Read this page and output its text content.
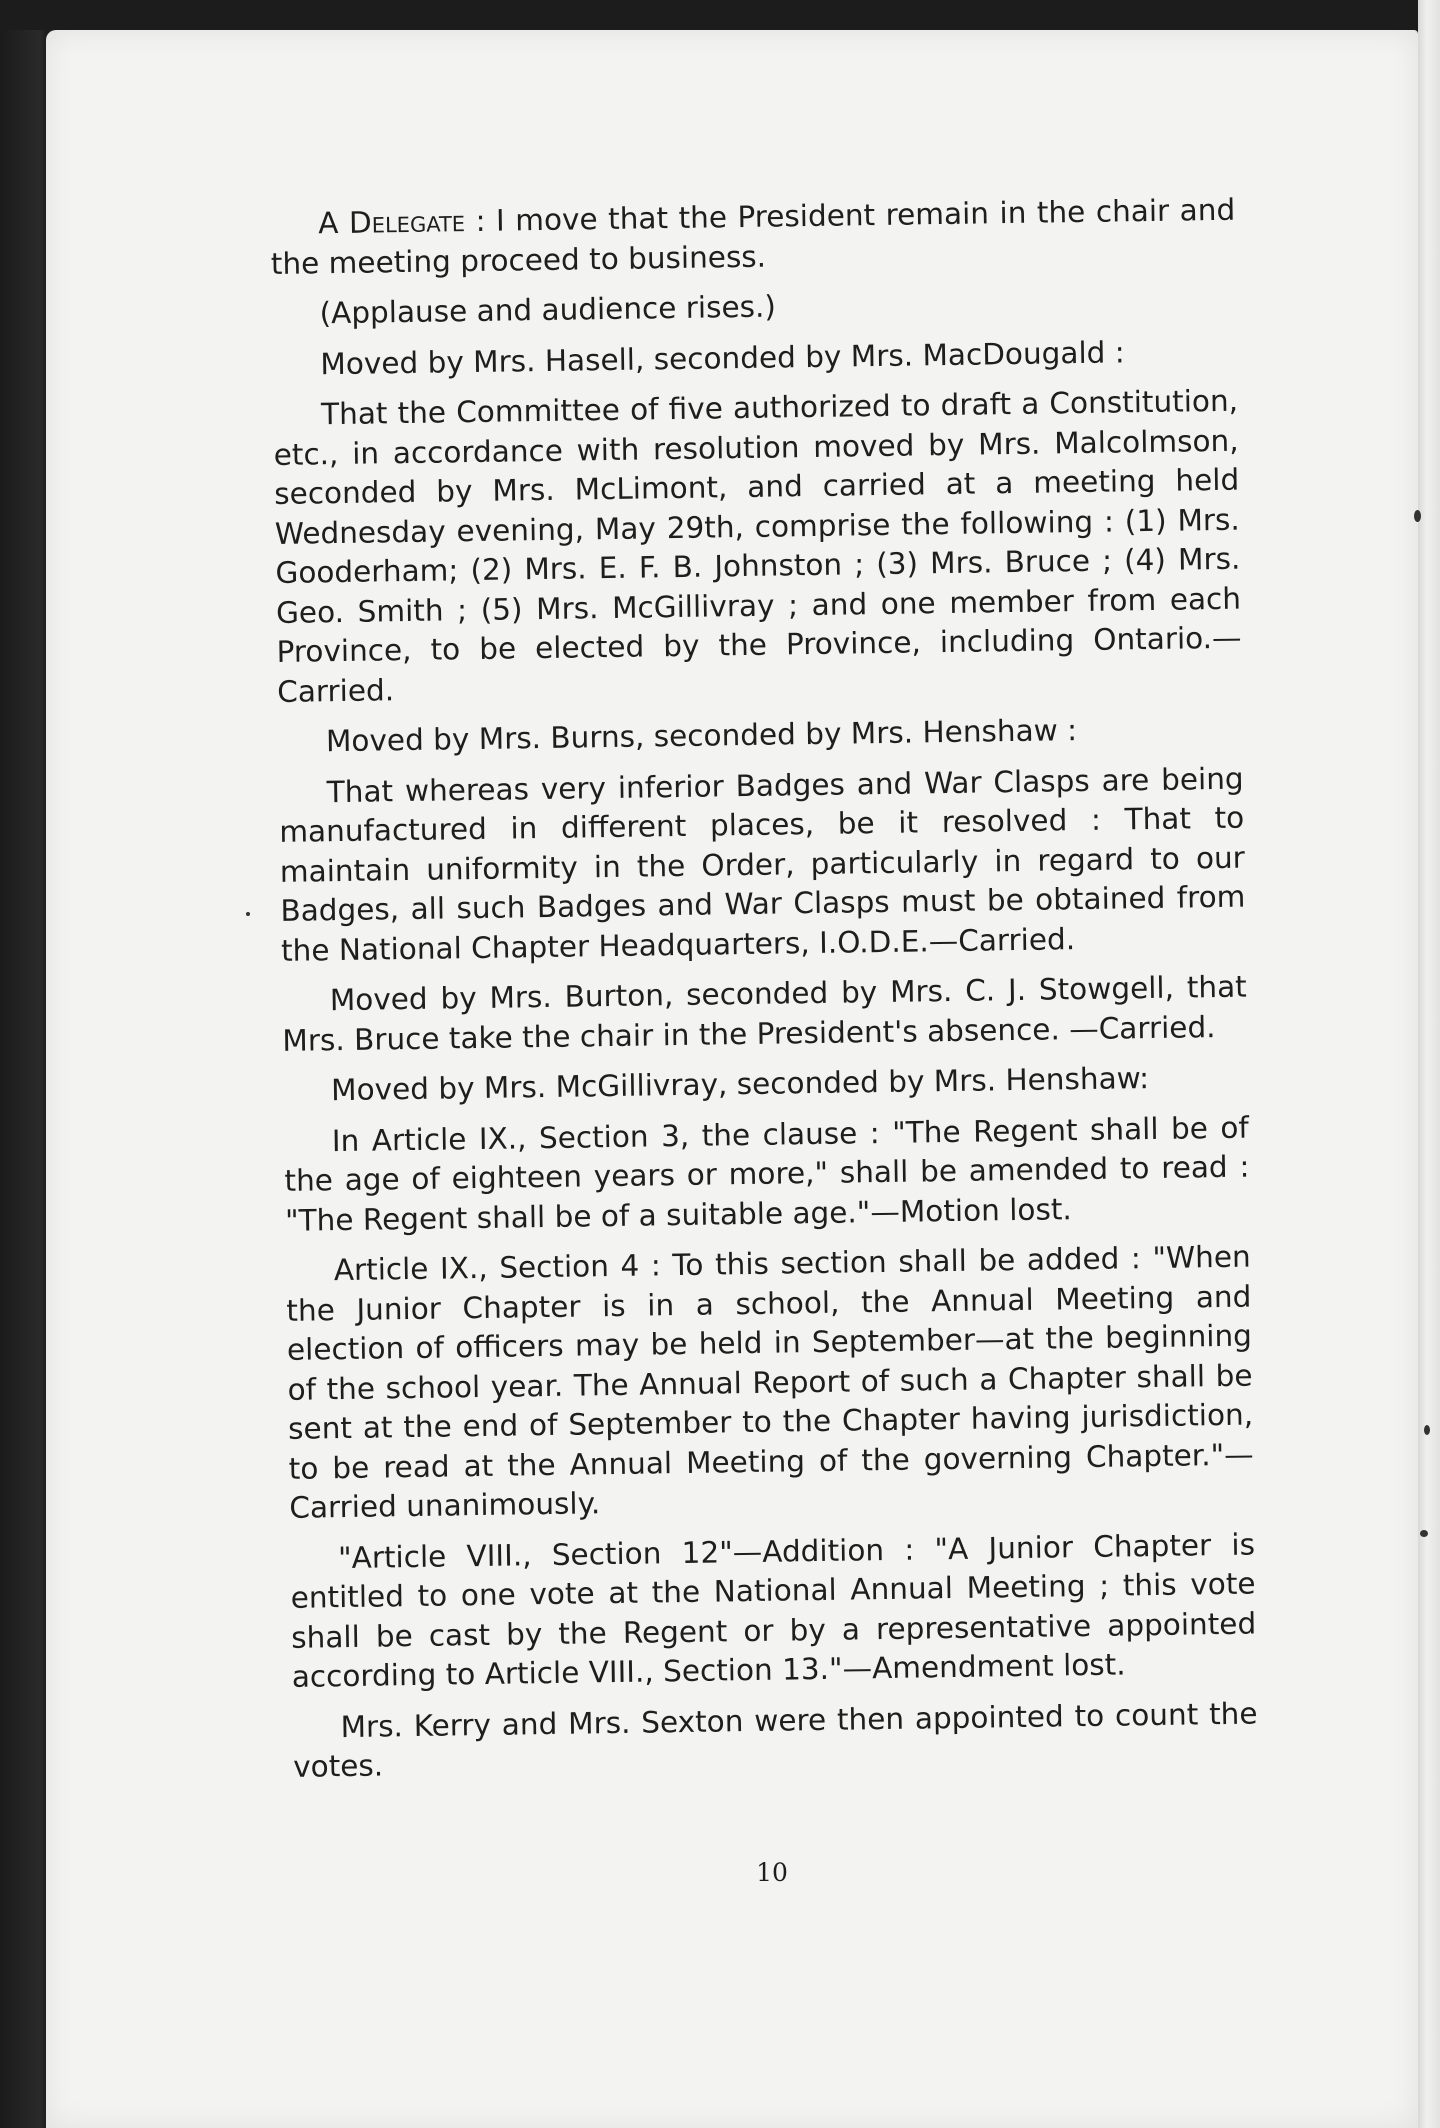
A Delegate : I move that the President remain in the chair and the meeting proceed to business.

(Applause and audience rises.)

Moved by Mrs. Hasell, seconded by Mrs. MacDougald :

That the Committee of five authorized to draft a Constitution, etc., in accordance with resolution moved by Mrs. Malcolmson, seconded by Mrs. McLimont, and carried at a meeting held Wednesday evening, May 29th, comprise the following : (1) Mrs. Gooderham; (2) Mrs. E. F. B. Johnston ; (3) Mrs. Bruce ; (4) Mrs. Geo. Smith ; (5) Mrs. McGillivray ; and one member from each Province, to be elected by the Province, including Ontario.—Carried.

Moved by Mrs. Burns, seconded by Mrs. Henshaw :

That whereas very inferior Badges and War Clasps are being manufactured in different places, be it resolved : That to maintain uniformity in the Order, particularly in regard to our Badges, all such Badges and War Clasps must be obtained from the National Chapter Headquarters, I.O.D.E.—Carried.

Moved by Mrs. Burton, seconded by Mrs. C. J. Stowgell, that Mrs. Bruce take the chair in the President's absence. —Carried.

Moved by Mrs. McGillivray, seconded by Mrs. Henshaw:

In Article IX., Section 3, the clause : "The Regent shall be of the age of eighteen years or more," shall be amended to read : "The Regent shall be of a suitable age."—Motion lost.

Article IX., Section 4 : To this section shall be added : "When the Junior Chapter is in a school, the Annual Meeting and election of officers may be held in September—at the beginning of the school year. The Annual Report of such a Chapter shall be sent at the end of September to the Chapter having jurisdiction, to be read at the Annual Meeting of the governing Chapter."—Carried unanimously.

"Article VIII., Section 12"—Addition : "A Junior Chapter is entitled to one vote at the National Annual Meeting ; this vote shall be cast by the Regent or by a representative appointed according to Article VIII., Section 13."—Amendment lost.

Mrs. Kerry and Mrs. Sexton were then appointed to count the votes.

10
